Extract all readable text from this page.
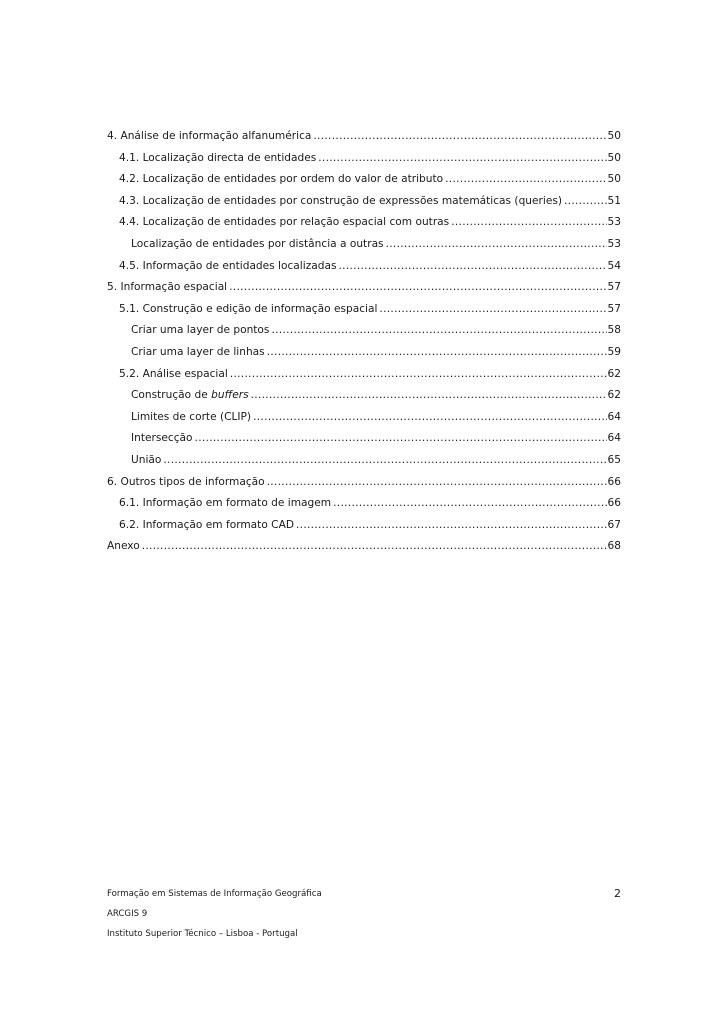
4. Análise de informação alfanumérica .....	50
4.1. Localização directa de entidades .....	50
4.2. Localização de entidades por ordem do valor de atributo .....	50
4.3. Localização de entidades por construção de expressões matemáticas (queries) .....	51
4.4. Localização de entidades por relação espacial com outras .....	53
Localização de entidades por distância a outras .....	53
4.5. Informação de entidades localizadas .....	54
5. Informação espacial .....	57
5.1. Construção e edição de informação espacial .....	57
Criar uma layer de pontos .....	58
Criar uma layer de linhas .....	59
5.2. Análise espacial .....	62
Construção de buffers .....	62
Limites de corte (CLIP) .....	64
Intersecção .....	64
União .....	65
6. Outros tipos de informação .....	66
6.1. Informação em formato de imagem .....	66
6.2. Informação em formato CAD .....	67
Anexo .....	68
Formação em Sistemas de Informação Geográfica	2
ARCGIS 9
Instituto Superior Técnico – Lisboa - Portugal
